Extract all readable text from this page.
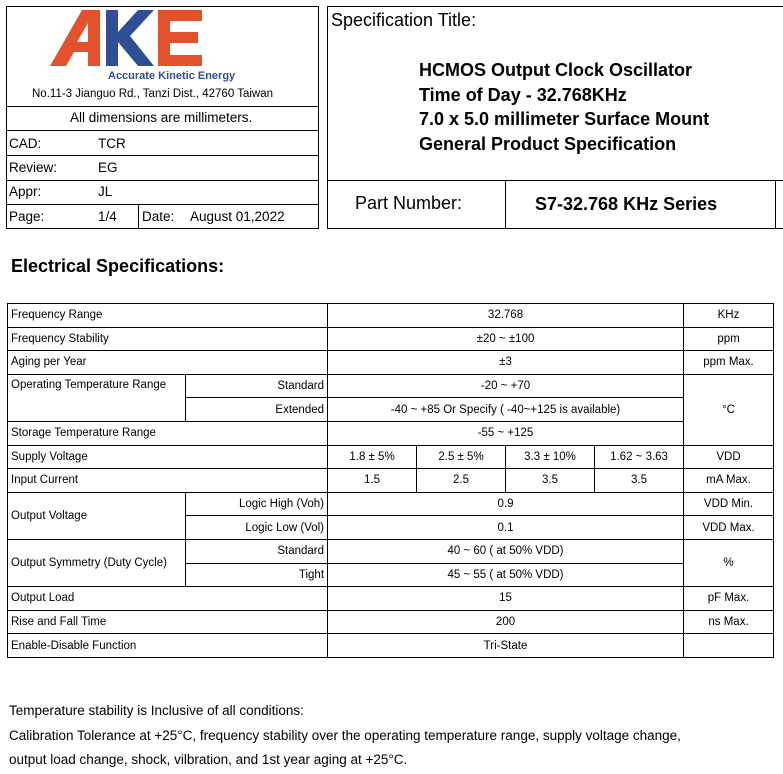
Accurate Kinetic Energy
No.11-3 Jianguo Rd., Tanzi Dist., 42760 Taiwan
All dimensions are millimeters.
CAD:	TCR
Review:	EG
Appr:	JL
Page:	1/4 Date: August 01,2022
Specification Title:
HCMOS Output Clock Oscillator
Time of Day - 32.768KHz
7.0 x 5.0 millimeter Surface Mount
General Product Specification
Part Number:	S7-32.768 KHz Series
Electrical Specifications:
Frequency Range		32.768				KHz
Frequency Stability		±20 ~ ±100				ppm
Aging per Year		±3				ppm Max.
Operating Temperature Range	Standard	-20 ~ +70				°C
	Extended	-40 ~ +85 Or Specify ( -40~+125 is available)				
Storage Temperature Range		-55 ~ +125				
Supply Voltage		1.8 ± 5%	2.5 ± 5%	3.3 ± 10%	1.62 ~ 3.63	VDD
Input Current		1.5	2.5	3.5	3.5	mA Max.
Output Voltage	Logic High (Voh)	0.9				VDD Min.
	Logic Low (Vol)	0.1				VDD Max.
Output Symmetry (Duty Cycle)	Standard	40 ~ 60 ( at 50% VDD)				%
	Tight	45 ~ 55 ( at 50% VDD)				
Output Load		15				pF Max.
Rise and Fall Time		200				ns Max.
Enable-Disable Function		Tri-State				
Temperature stability is Inclusive of all conditions:
Calibration Tolerance at +25°C, frequency stability over the operating temperature range, supply voltage change,
output load change, shock, vilbration, and 1st year aging at +25°C.
